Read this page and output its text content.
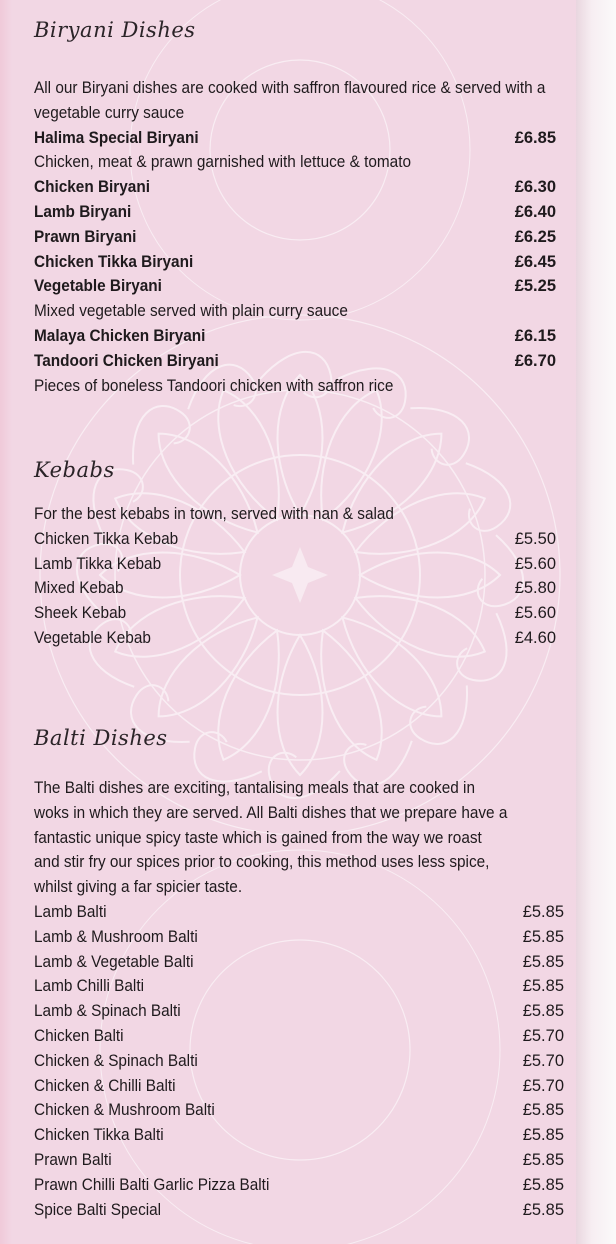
Biryani Dishes
All our Biryani dishes are cooked with saffron flavoured rice & served with a vegetable curry sauce
Halima Special Biryani	£6.85
Chicken, meat & prawn garnished with lettuce & tomato
Chicken Biryani	£6.30
Lamb Biryani	£6.40
Prawn Biryani	£6.25
Chicken Tikka Biryani	£6.45
Vegetable Biryani	£5.25
Mixed vegetable served with plain curry sauce
Malaya Chicken Biryani	£6.15
Tandoori Chicken Biryani	£6.70
Pieces of boneless Tandoori chicken with saffron rice
Kebabs
For the best kebabs in town, served with nan & salad
Chicken Tikka Kebab	£5.50
Lamb Tikka Kebab	£5.60
Mixed Kebab	£5.80
Sheek Kebab	£5.60
Vegetable Kebab	£4.60
Balti Dishes
The Balti dishes are exciting, tantalising meals that are cooked in woks in which they are served. All Balti dishes that we prepare have a fantastic unique spicy taste which is gained from the way we roast and stir fry our spices prior to cooking, this method uses less spice, whilst giving a far spicier taste.
Lamb Balti	£5.85
Lamb & Mushroom Balti	£5.85
Lamb & Vegetable Balti	£5.85
Lamb Chilli Balti	£5.85
Lamb & Spinach Balti	£5.85
Chicken Balti	£5.70
Chicken & Spinach Balti	£5.70
Chicken & Chilli Balti	£5.70
Chicken & Mushroom Balti	£5.85
Chicken Tikka Balti	£5.85
Prawn Balti	£5.85
Prawn Chilli Balti Garlic Pizza Balti	£5.85
Spice Balti Special	£5.85
